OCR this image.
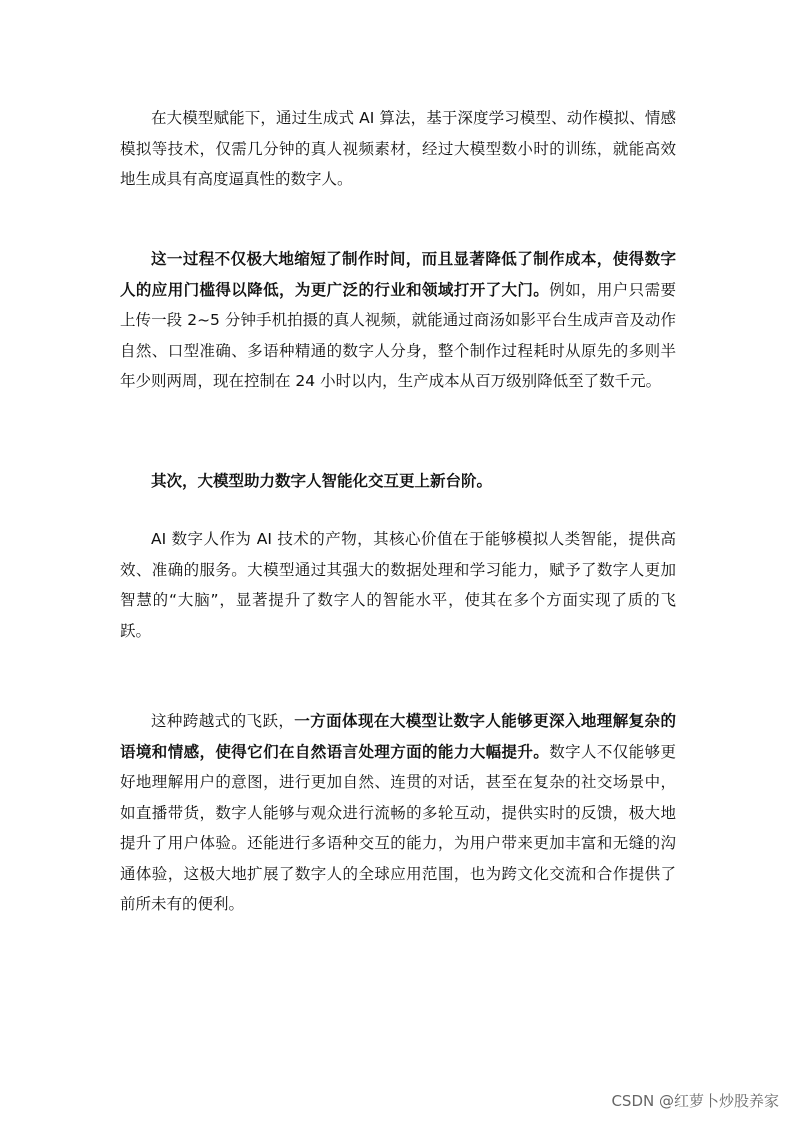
在大模型赋能下，通过生成式 AI 算法，基于深度学习模型、动作模拟、情感模拟等技术，仅需几分钟的真人视频素材，经过大模型数小时的训练，就能高效地生成具有高度逼真性的数字人。

这一过程不仅极大地缩短了制作时间，而且显著降低了制作成本，使得数字人的应用门槛得以降低，为更广泛的行业和领域打开了大门。例如，用户只需要上传一段 2~5 分钟手机拍摄的真人视频，就能通过商汤如影平台生成声音及动作自然、口型准确、多语种精通的数字人分身，整个制作过程耗时从原先的多则半年少则两周，现在控制在 24 小时以内，生产成本从百万级别降低至了数千元。

其次，大模型助力数字人智能化交互更上新台阶。

AI 数字人作为 AI 技术的产物，其核心价值在于能够模拟人类智能，提供高效、准确的服务。大模型通过其强大的数据处理和学习能力，赋予了数字人更加智慧的“大脑”，显著提升了数字人的智能水平，使其在多个方面实现了质的飞跃。

这种跨越式的飞跃，一方面体现在大模型让数字人能够更深入地理解复杂的语境和情感，使得它们在自然语言处理方面的能力大幅提升。数字人不仅能够更好地理解用户的意图，进行更加自然、连贯的对话，甚至在复杂的社交场景中，如直播带货，数字人能够与观众进行流畅的多轮互动，提供实时的反馈，极大地提升了用户体验。还能进行多语种交互的能力，为用户带来更加丰富和无缝的沟通体验，这极大地扩展了数字人的全球应用范围，也为跨文化交流和合作提供了前所未有的便利。

CSDN @红萝卜炒股养家
